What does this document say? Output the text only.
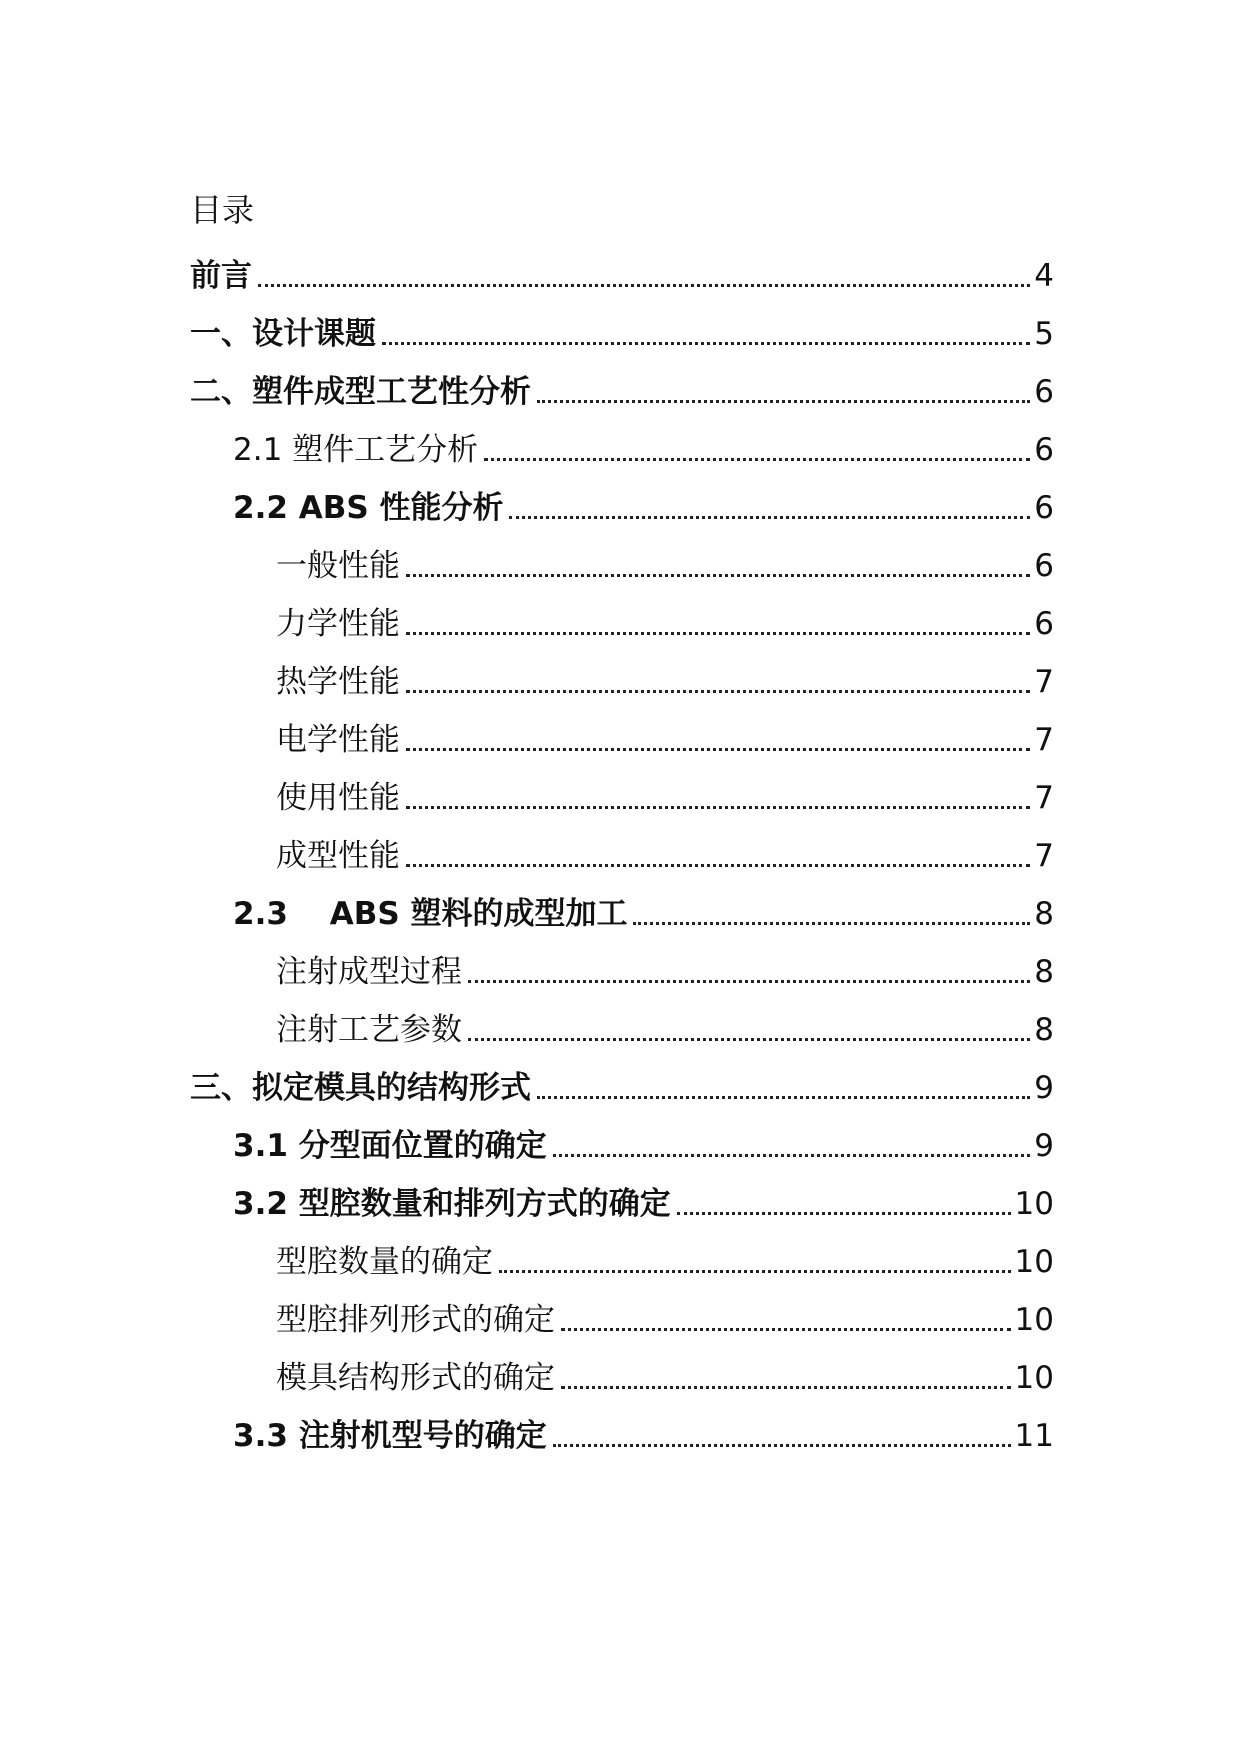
目录
前言	4
一、设计课题	5
二、塑件成型工艺性分析	6
2.1 塑件工艺分析	6
2.2 ABS 性能分析	6
一般性能	6
力学性能	6
热学性能	7
电学性能	7
使用性能	7
成型性能	7
2.3　 ABS 塑料的成型加工	8
注射成型过程	8
注射工艺参数	8
三、拟定模具的结构形式	9
3.1 分型面位置的确定	9
3.2 型腔数量和排列方式的确定	10
型腔数量的确定	10
型腔排列形式的确定	10
模具结构形式的确定	10
3.3 注射机型号的确定	11
